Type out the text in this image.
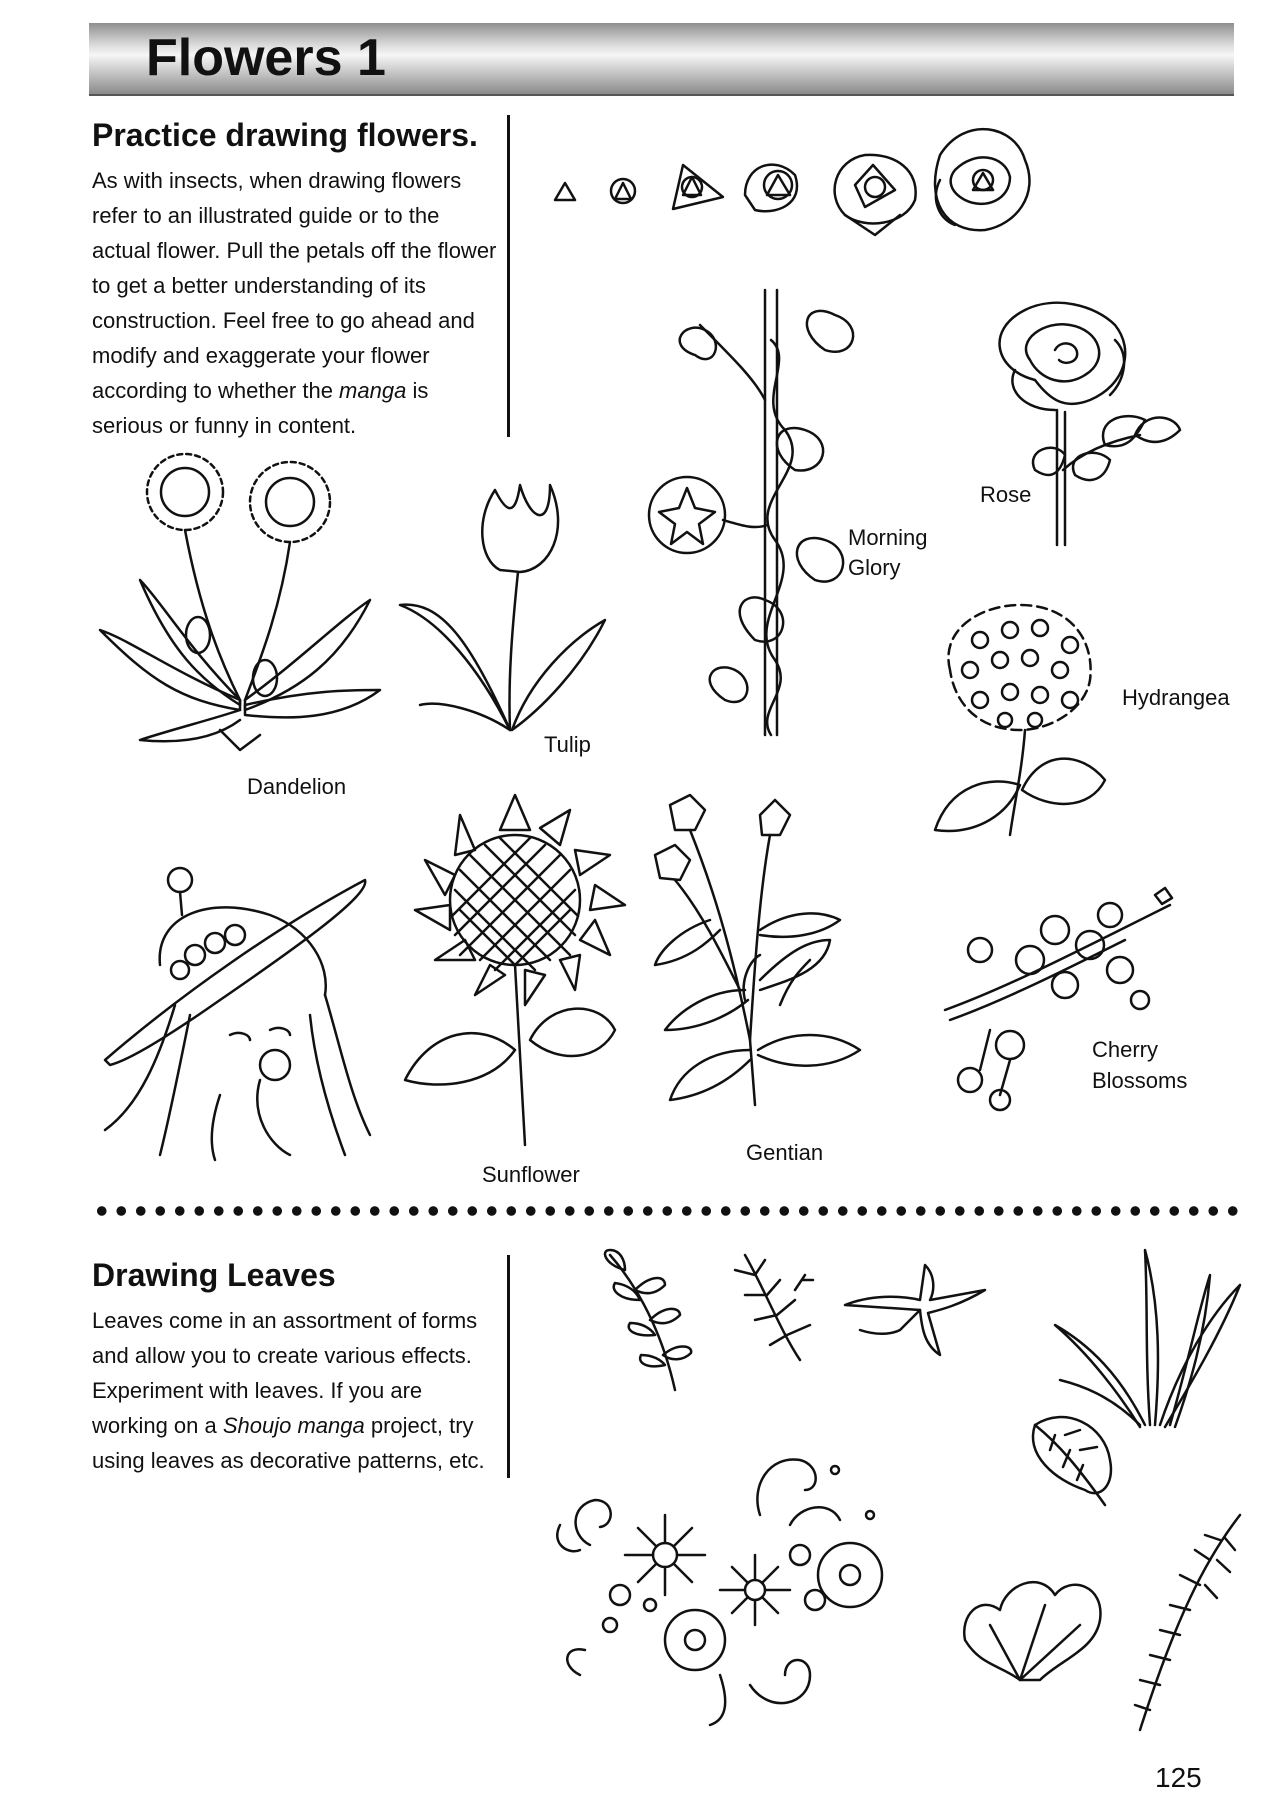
Flowers 1
Practice drawing flowers.
As with insects, when drawing flowers refer to an illustrated guide or to the actual flower. Pull the petals off the flower to get a better understanding of its construction. Feel free to go ahead and modify and exaggerate your flower according to whether the manga is serious or funny in content.
Rose
Morning
Glory
Hydrangea
Tulip
Dandelion
Cherry
Blossoms
Gentian
Sunflower
Drawing Leaves
Leaves come in an assortment of forms and allow you to create various effects. Experiment with leaves. If you are working on a Shoujo manga project, try using leaves as decorative patterns, etc.
125
